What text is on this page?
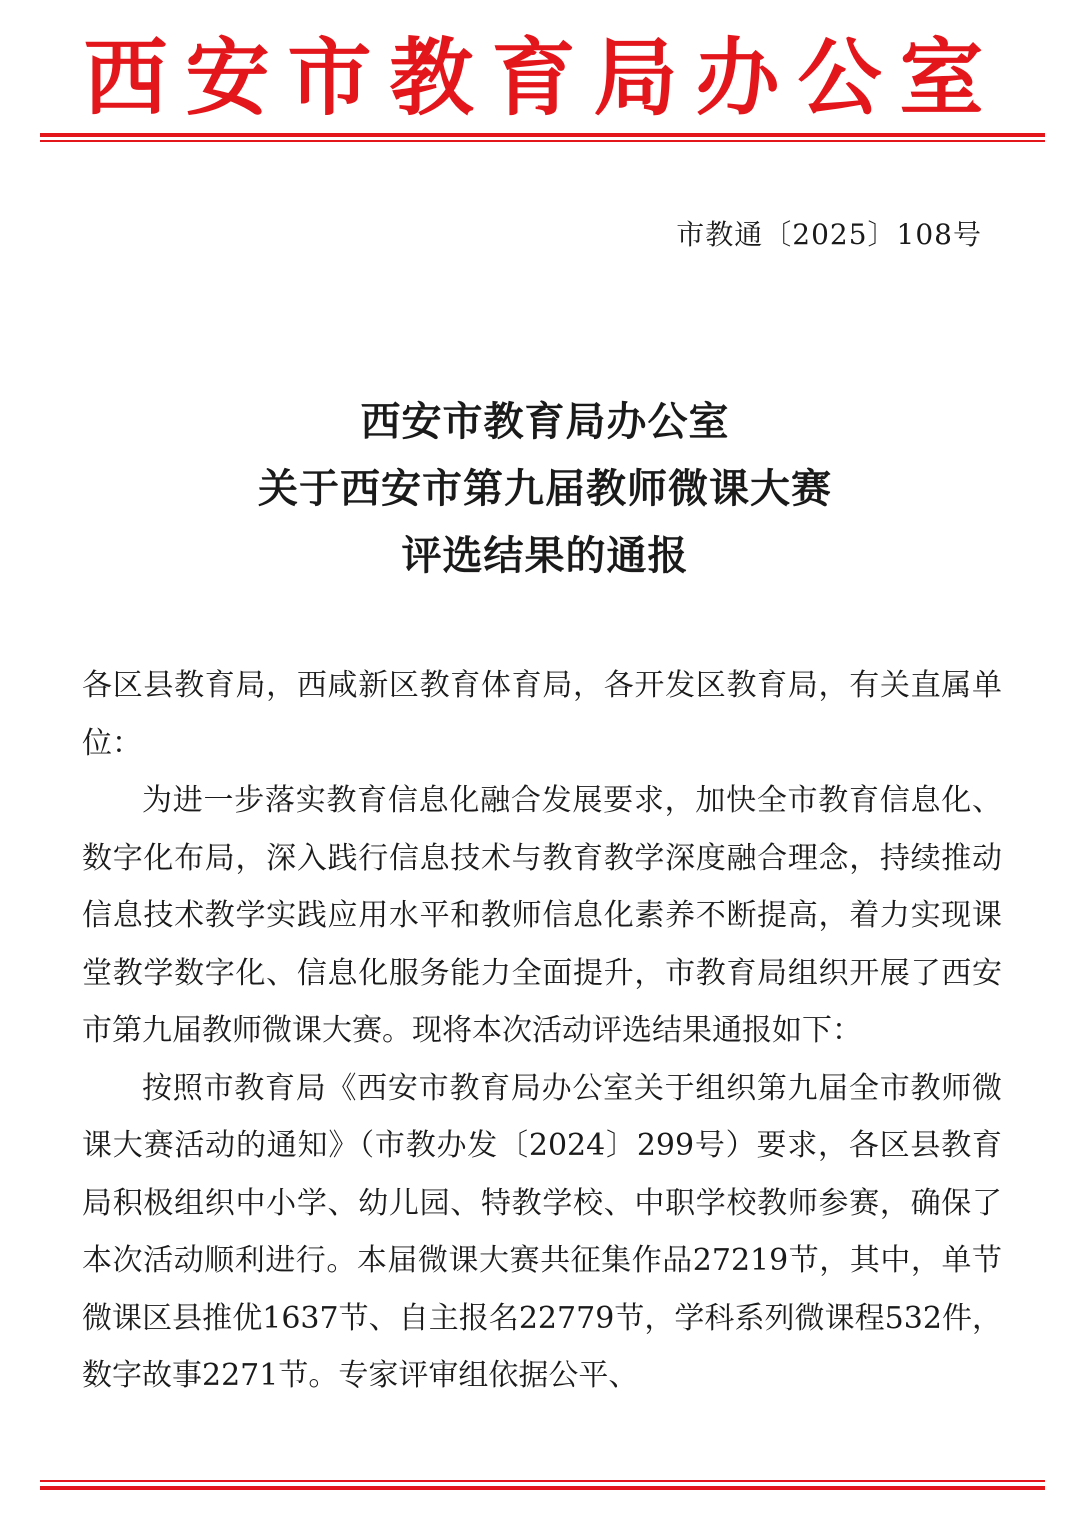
西安市教育局办公室
市教通〔2025〕108号
西安市教育局办公室
关于西安市第九届教师微课大赛
评选结果的通报

各区县教育局，西咸新区教育体育局，各开发区教育局，有关直属单位：

为进一步落实教育信息化融合发展要求，加快全市教育信息化、数字化布局，深入践行信息技术与教育教学深度融合理念，持续推动信息技术教学实践应用水平和教师信息化素养不断提高，着力实现课堂教学数字化、信息化服务能力全面提升，市教育局组织开展了西安市第九届教师微课大赛。现将本次活动评选结果通报如下：

按照市教育局《西安市教育局办公室关于组织第九届全市教师微课大赛活动的通知》（市教办发〔2024〕299号）要求，各区县教育局积极组织中小学、幼儿园、特教学校、中职学校教师参赛，确保了本次活动顺利进行。本届微课大赛共征集作品27219节，其中，单节微课区县推优1637节、自主报名22779节，学科系列微课程532件，数字故事2271节。专家评审组依据公平、
